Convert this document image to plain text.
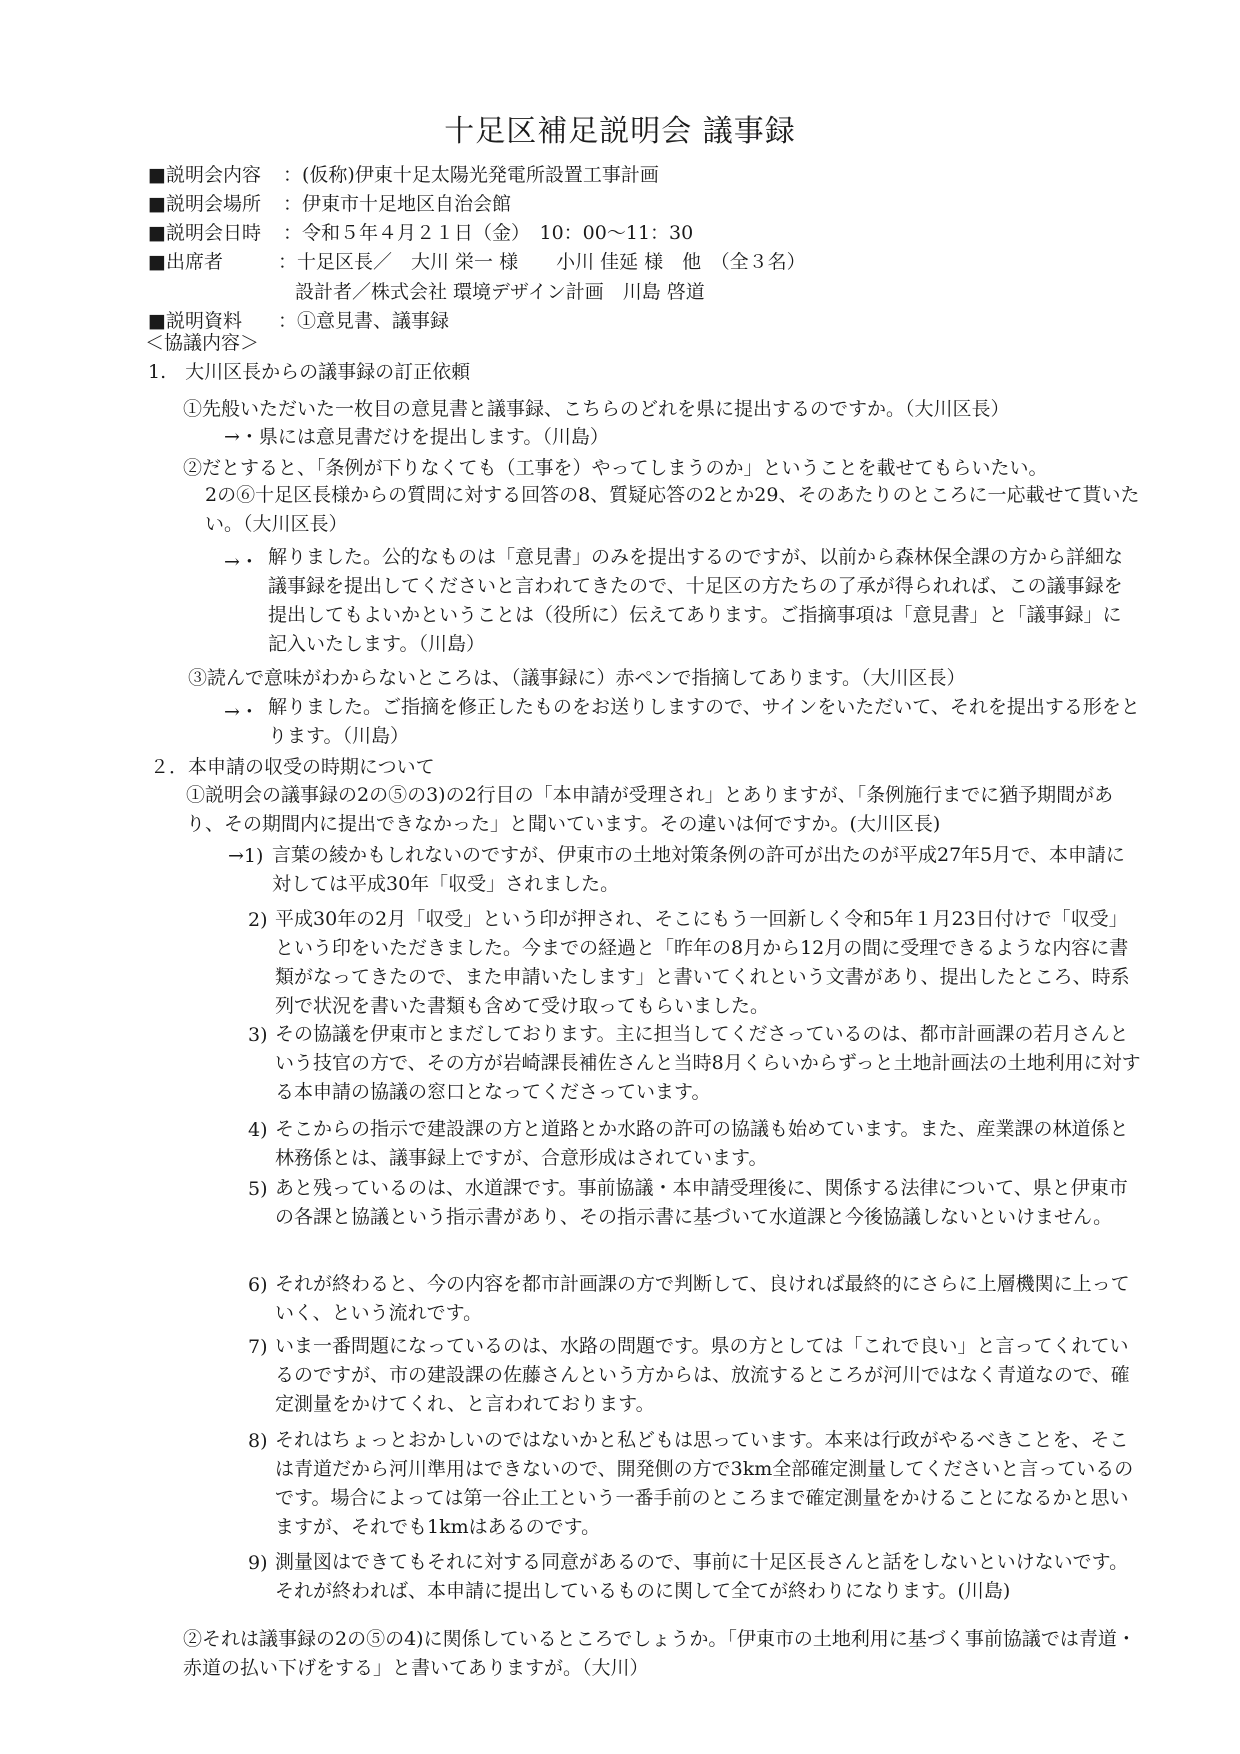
十足区補足説明会 議事録
■説明会内容 ：(仮称)伊東十足太陽光発電所設置工事計画
■説明会場所 ：伊東市十足地区自治会館
■説明会日時 ：令和５年４月２１日（金）　10：00～11：30
■出席者	：十足区長／　大川 栄一 様　　小川 佳延 様　他　（全３名）
設計者／株式会社 環境デザイン計画　川島 啓道
■説明資料 ：①意見書、議事録
＜協議内容＞
1.　大川区長からの議事録の訂正依頼
①先般いただいた一枚目の意見書と議事録、こちらのどれを県に提出するのですか。（大川区長）
→・県には意見書だけを提出します。（川島）
②だとすると、「条例が下りなくても（工事を）やってしまうのか」ということを載せてもらいたい。
2の⑥十足区長様からの質問に対する回答の8、質疑応答の2とか29、そのあたりのところに一応載せて貰いたい。（大川区長）
→・ 解りました。公的なものは「意見書」のみを提出するのですが、以前から森林保全課の方から詳細な議事録を提出してくださいと言われてきたので、十足区の方たちの了承が得られれば、この議事録を提出してもよいかということは（役所に）伝えてあります。ご指摘事項は「意見書」と「議事録」に記入いたします。（川島）
③読んで意味がわからないところは、（議事録に）赤ペンで指摘してあります。（大川区長）
→・ 解りました。ご指摘を修正したものをお送りしますので、サインをいただいて、それを提出する形をとります。（川島）
２．本申請の収受の時期について
①説明会の議事録の2の⑤の3)の2行目の「本申請が受理され」とありますが、「条例施行までに猶予期間があり、その期間内に提出できなかった」と聞いています。その違いは何ですか。(大川区長)
→1) 言葉の綾かもしれないのですが、伊東市の土地対策条例の許可が出たのが平成27年5月で、本申請に対しては平成30年「収受」されました。
2) 平成30年の2月「収受」という印が押され、そこにもう一回新しく令和5年１月23日付けで「収受」という印をいただきました。今までの経過と「昨年の8月から12月の間に受理できるような内容に書類がなってきたので、また申請いたします」と書いてくれという文書があり、提出したところ、時系列で状況を書いた書類も含めて受け取ってもらいました。
3) その協議を伊東市とまだしております。主に担当してくださっているのは、都市計画課の若月さんという技官の方で、その方が岩崎課長補佐さんと当時8月くらいからずっと土地計画法の土地利用に対する本申請の協議の窓口となってくださっています。
4) そこからの指示で建設課の方と道路とか水路の許可の協議も始めています。また、産業課の林道係と林務係とは、議事録上ですが、合意形成はされています。
5) あと残っているのは、水道課です。事前協議・本申請受理後に、関係する法律について、県と伊東市の各課と協議という指示書があり、その指示書に基づいて水道課と今後協議しないといけません。
6) それが終わると、今の内容を都市計画課の方で判断して、良ければ最終的にさらに上層機関に上っていく、という流れです。
7) いま一番問題になっているのは、水路の問題です。県の方としては「これで良い」と言ってくれているのですが、市の建設課の佐藤さんという方からは、放流するところが河川ではなく青道なので、確定測量をかけてくれ、と言われております。
8) それはちょっとおかしいのではないかと私どもは思っています。本来は行政がやるべきことを、そこは青道だから河川準用はできないので、開発側の方で3km全部確定測量してくださいと言っているのです。場合によっては第一谷止工という一番手前のところまで確定測量をかけることになるかと思いますが、それでも1kmはあるのです。
9) 測量図はできてもそれに対する同意があるので、事前に十足区長さんと話をしないといけないです。それが終われば、本申請に提出しているものに関して全てが終わりになります。(川島)
②それは議事録の2の⑤の4)に関係しているところでしょうか。「伊東市の土地利用に基づく事前協議では青道・赤道の払い下げをする」と書いてありますが。（大川）
